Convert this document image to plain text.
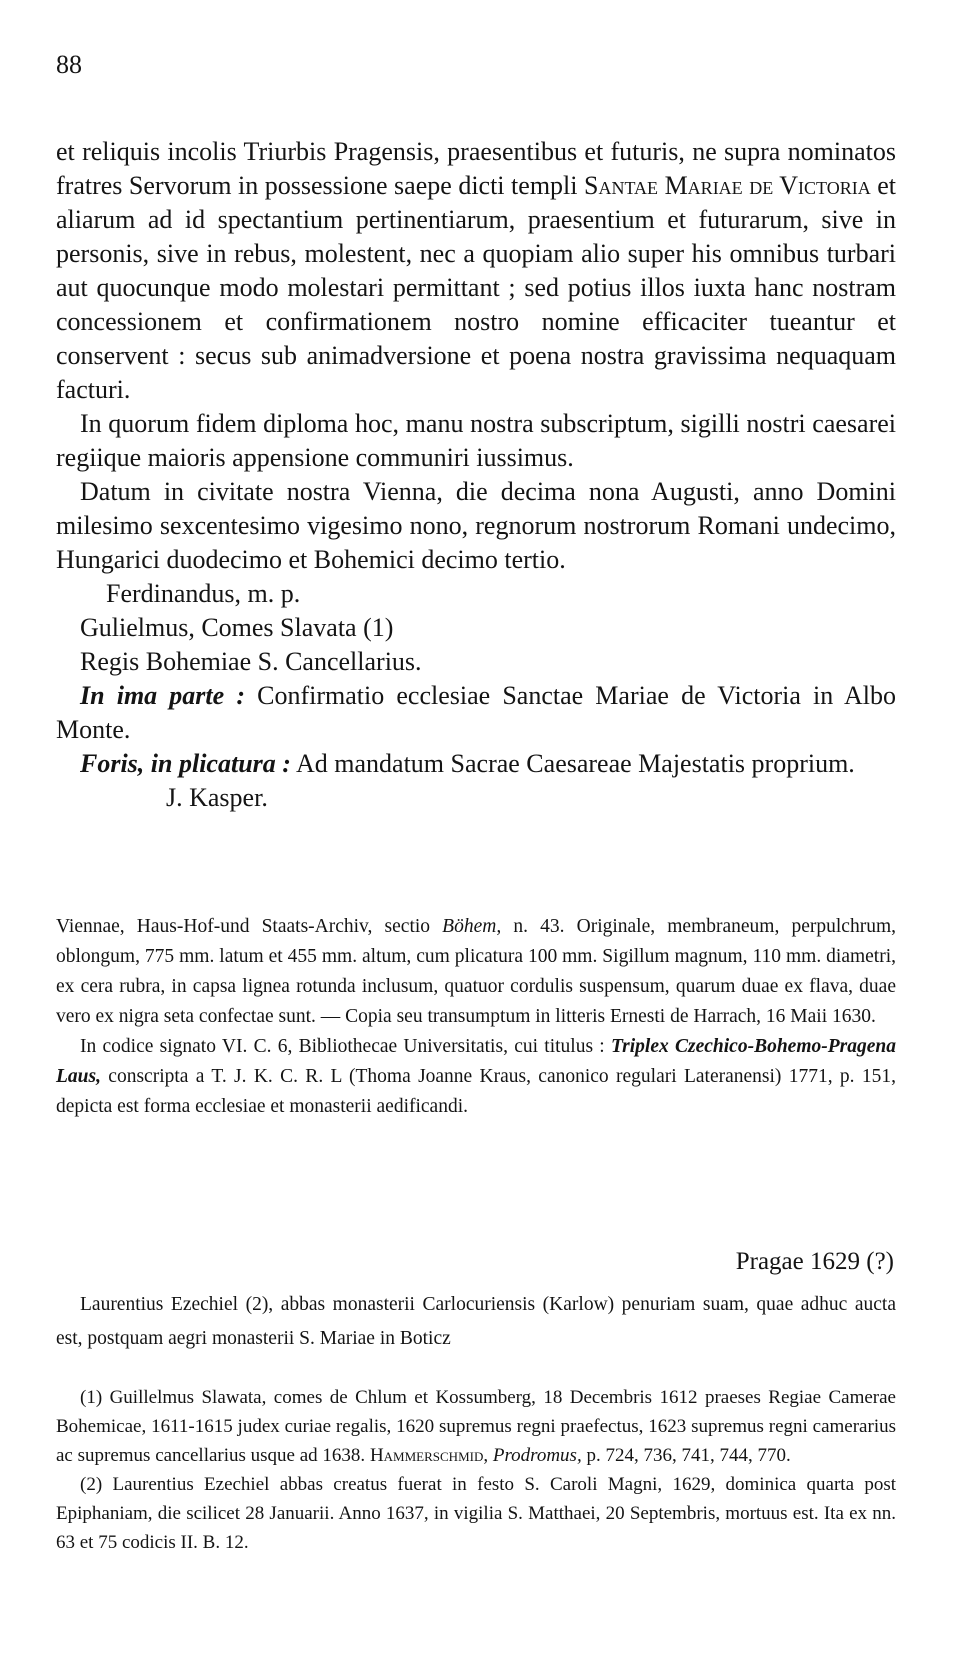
88

et reliquis incolis Triurbis Pragensis, praesentibus et futuris, ne supra nominatos fratres Servorum in possessione saepe dicti templi Santae Mariae de Victoria et aliarum ad id spectantium pertinentiarum, praesentium et futurarum, sive in personis, sive in rebus, molestent, nec a quopiam alio super his omnibus turbari aut quocunque modo molestari permittant ; sed potius illos iuxta hanc nostram concessionem et confirmationem nostro nomine efficaciter tueantur et conservent : secus sub animadversione et poena nostra gravissima nequaquam facturi.

In quorum fidem diploma hoc, manu nostra subscriptum, sigilli nostri caesarei regiique maioris appensione communiri iussimus.

Datum in civitate nostra Vienna, die decima nona Augusti, anno Domini milesimo sexcentesimo vigesimo nono, regnorum nostrorum Romani undecimo, Hungarici duodecimo et Bohemici decimo tertio.

Ferdinandus, m. p.

Gulielmus, Comes Slavata (1)

Regis Bohemiae S. Cancellarius.

In ima parte : Confirmatio ecclesiae Sanctae Mariae de Victoria in Albo Monte.

Foris, in plicatura : Ad mandatum Sacrae Caesareae Majestatis proprium.

J. Kasper.

Viennae, Haus-Hof-und Staats-Archiv, sectio Böhem, n. 43. Originale, membraneum, perpulchrum, oblongum, 775 mm. latum et 455 mm. altum, cum plicatura 100 mm. Sigillum magnum, 110 mm. diametri, ex cera rubra, in capsa lignea rotunda inclusum, quatuor cordulis suspensum, quarum duae ex flava, duae vero ex nigra seta confectae sunt. — Copia seu transumptum in litteris Ernesti de Harrach, 16 Maii 1630.

In codice signato VI. C. 6, Bibliothecae Universitatis, cui titulus : Triplex Czechico-Bohemo-Pragena Laus, conscripta a T. J. K. C. R. L (Thoma Joanne Kraus, canonico regulari Lateranensi) 1771, p. 151, depicta est forma ecclesiae et monasterii aedificandi.

Pragae 1629 (?)

Laurentius Ezechiel (2), abbas monasterii Carlocuriensis (Karlow) penuriam suam, quae adhuc aucta est, postquam aegri monasterii S. Mariae in Boticz

(1) Guillelmus Slawata, comes de Chlum et Kossumberg, 18 Decembris 1612 praeses Regiae Camerae Bohemicae, 1611-1615 judex curiae regalis, 1620 supremus regni praefectus, 1623 supremus regni camerarius ac supremus cancellarius usque ad 1638. Hammerschmid, Prodromus, p. 724, 736, 741, 744, 770.

(2) Laurentius Ezechiel abbas creatus fuerat in festo S. Caroli Magni, 1629, dominica quarta post Epiphaniam, die scilicet 28 Januarii. Anno 1637, in vigilia S. Matthaei, 20 Septembris, mortuus est. Ita ex nn. 63 et 75 codicis II. B. 12.
